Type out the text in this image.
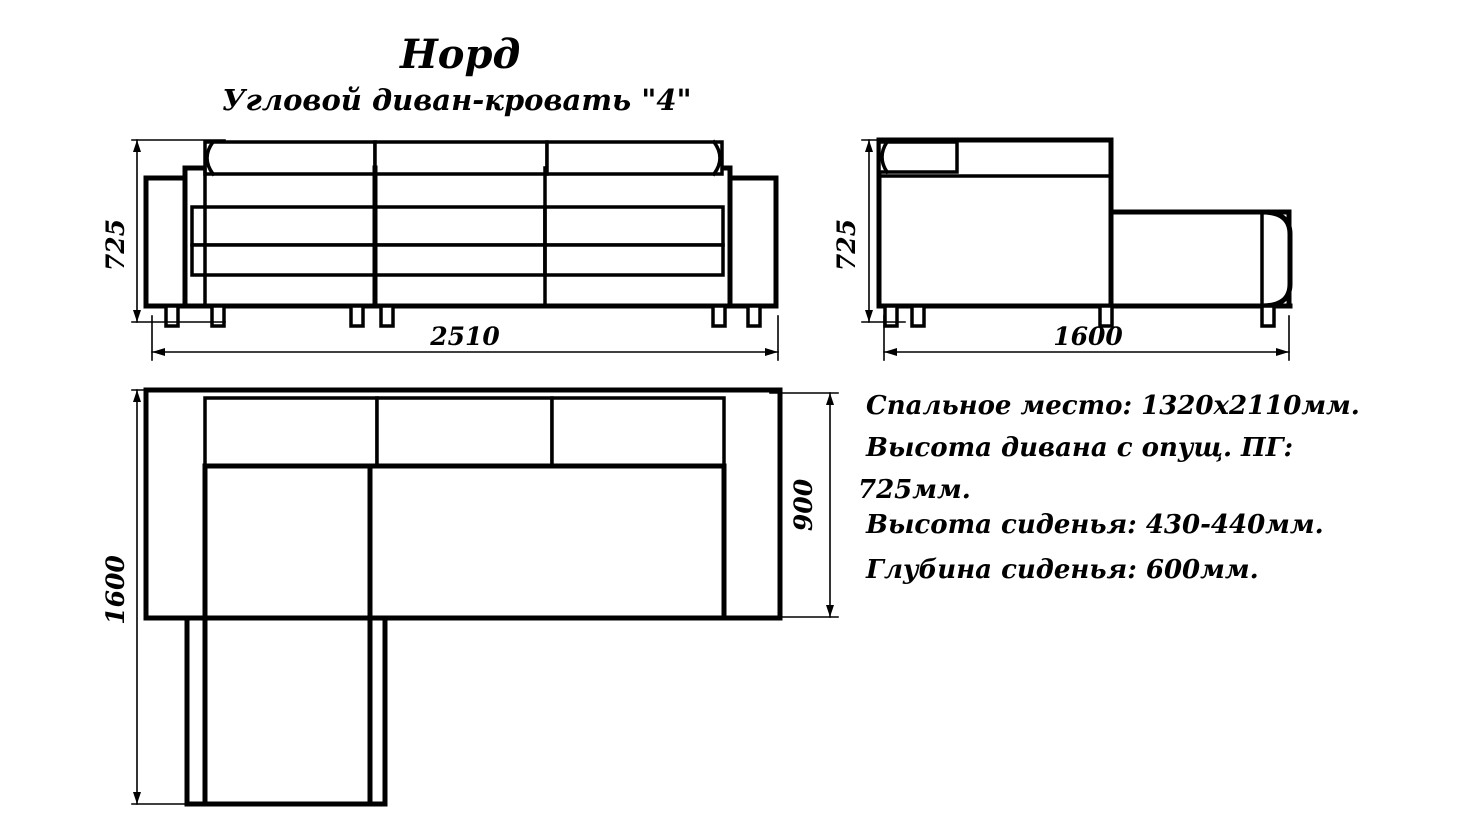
Норд
Угловой диван-кровать "4"
725
2510
725
1600
1600
900
Спальное место: 1320х2110мм.
Высота дивана с опущ. ПГ:
725мм.
Высота сиденья: 430-440мм.
Глубина сиденья: 600мм.
